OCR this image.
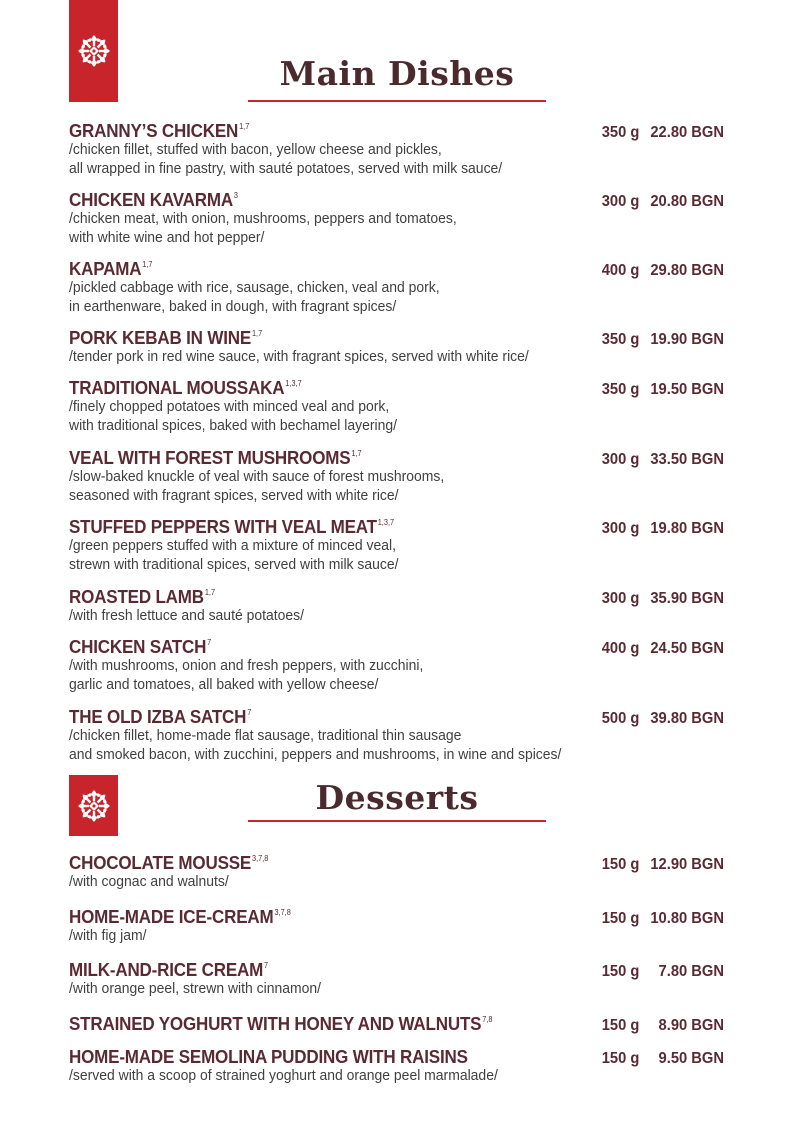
Main Dishes
GRANNY’S CHICKEN$^{1,7}$	350 g 22.80 BGN
/chicken fillet, stuffed with bacon, yellow cheese and pickles,
all wrapped in fine pastry, with sauté potatoes, served with milk sauce/
CHICKEN KAVARMA$^3$	300 g 20.80 BGN
/chicken meat, with onion, mushrooms, peppers and tomatoes,
with white wine and hot pepper/
KAPAMA$^{1,7}$	400 g 29.80 BGN
/pickled cabbage with rice, sausage, chicken, veal and pork,
in earthenware, baked in dough, with fragrant spices/
PORK KEBAB IN WINE$^{1,7}$	350 g 19.90 BGN
/tender pork in red wine sauce, with fragrant spices, served with white rice/
TRADITIONAL MOUSSAKA$^{1,3,7}$	350 g 19.50 BGN
/finely chopped potatoes with minced veal and pork,
with traditional spices, baked with bechamel layering/
VEAL WITH FOREST MUSHROOMS$^{1,7}$	300 g 33.50 BGN
/slow-baked knuckle of veal with sauce of forest mushrooms,
seasoned with fragrant spices, served with white rice/
STUFFED PEPPERS WITH VEAL MEAT$^{1,3,7}$	300 g 19.80 BGN
/green peppers stuffed with a mixture of minced veal,
strewn with traditional spices, served with milk sauce/
ROASTED LAMB$^{1,7}$	300 g 35.90 BGN
/with fresh lettuce and sauté potatoes/
CHICKEN SATCH$^7$	400 g 24.50 BGN
/with mushrooms, onion and fresh peppers, with zucchini,
garlic and tomatoes, all baked with yellow cheese/
THE OLD IZBA SATCH$^7$	500 g 39.80 BGN
/chicken fillet, home-made flat sausage, traditional thin sausage
and smoked bacon, with zucchini, peppers and mushrooms, in wine and spices/
Desserts
CHOCOLATE MOUSSE$^{3,7,8}$	150 g 12.90 BGN
/with cognac and walnuts/
HOME-MADE ICE-CREAM$^{3,7,8}$	150 g 10.80 BGN
/with fig jam/
MILK-AND-RICE CREAM$^7$	150 g	7.80 BGN
/with orange peel, strewn with cinnamon/
STRAINED YOGHURT WITH HONEY AND WALNUTS$^{7,8}$	150 g	8.90 BGN
HOME-MADE SEMOLINA PUDDING WITH RAISINS	150 g	9.50 BGN
/served with a scoop of strained yoghurt and orange peel marmalade/
